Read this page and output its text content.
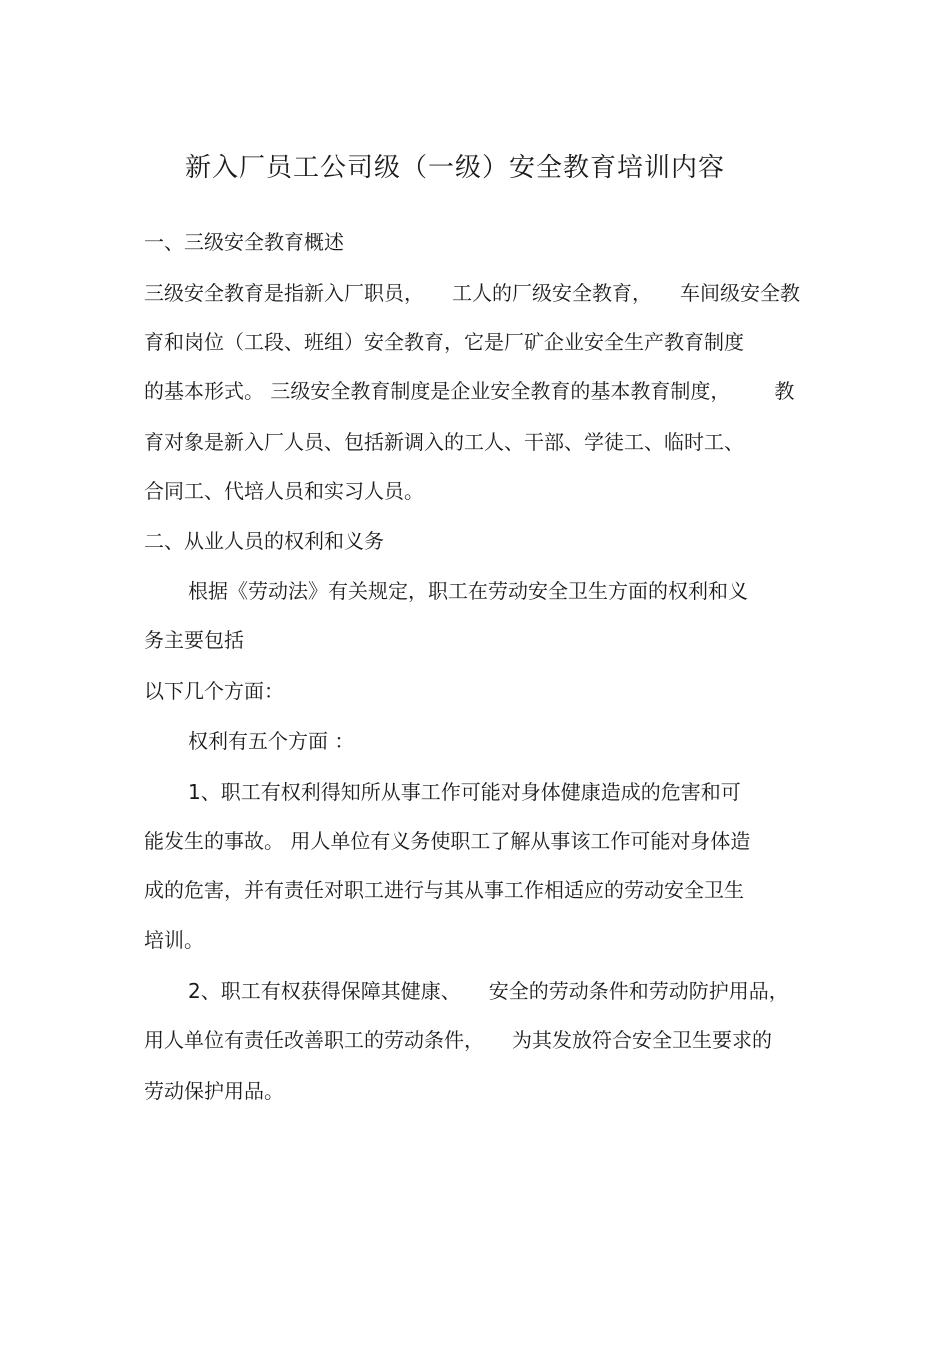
新入厂员工公司级（一级）安全教育培训内容
一、三级安全教育概述
三级安全教育是指新入厂职员， 工人的厂级安全教育， 车间级安全教
育和岗位（工段、班组）安全教育，它是厂矿企业安全生产教育制度
的基本形式。 三级安全教育制度是企业安全教育的基本教育制度， 教
育对象是新入厂人员、包括新调入的工人、干部、学徒工、临时工、
合同工、代培人员和实习人员。
二、从业人员的权利和义务
根据《劳动法》有关规定，职工在劳动安全卫生方面的权利和义
务主要包括
以下几个方面：
权利有五个方面 ：
1、职工有权利得知所从事工作可能对身体健康造成的危害和可
能发生的事故。 用人单位有义务使职工了解从事该工作可能对身体造
成的危害，并有责任对职工进行与其从事工作相适应的劳动安全卫生
培训。
2、职工有权获得保障其健康、 安全的劳动条件和劳动防护用品，
用人单位有责任改善职工的劳动条件， 为其发放符合安全卫生要求的
劳动保护用品。
